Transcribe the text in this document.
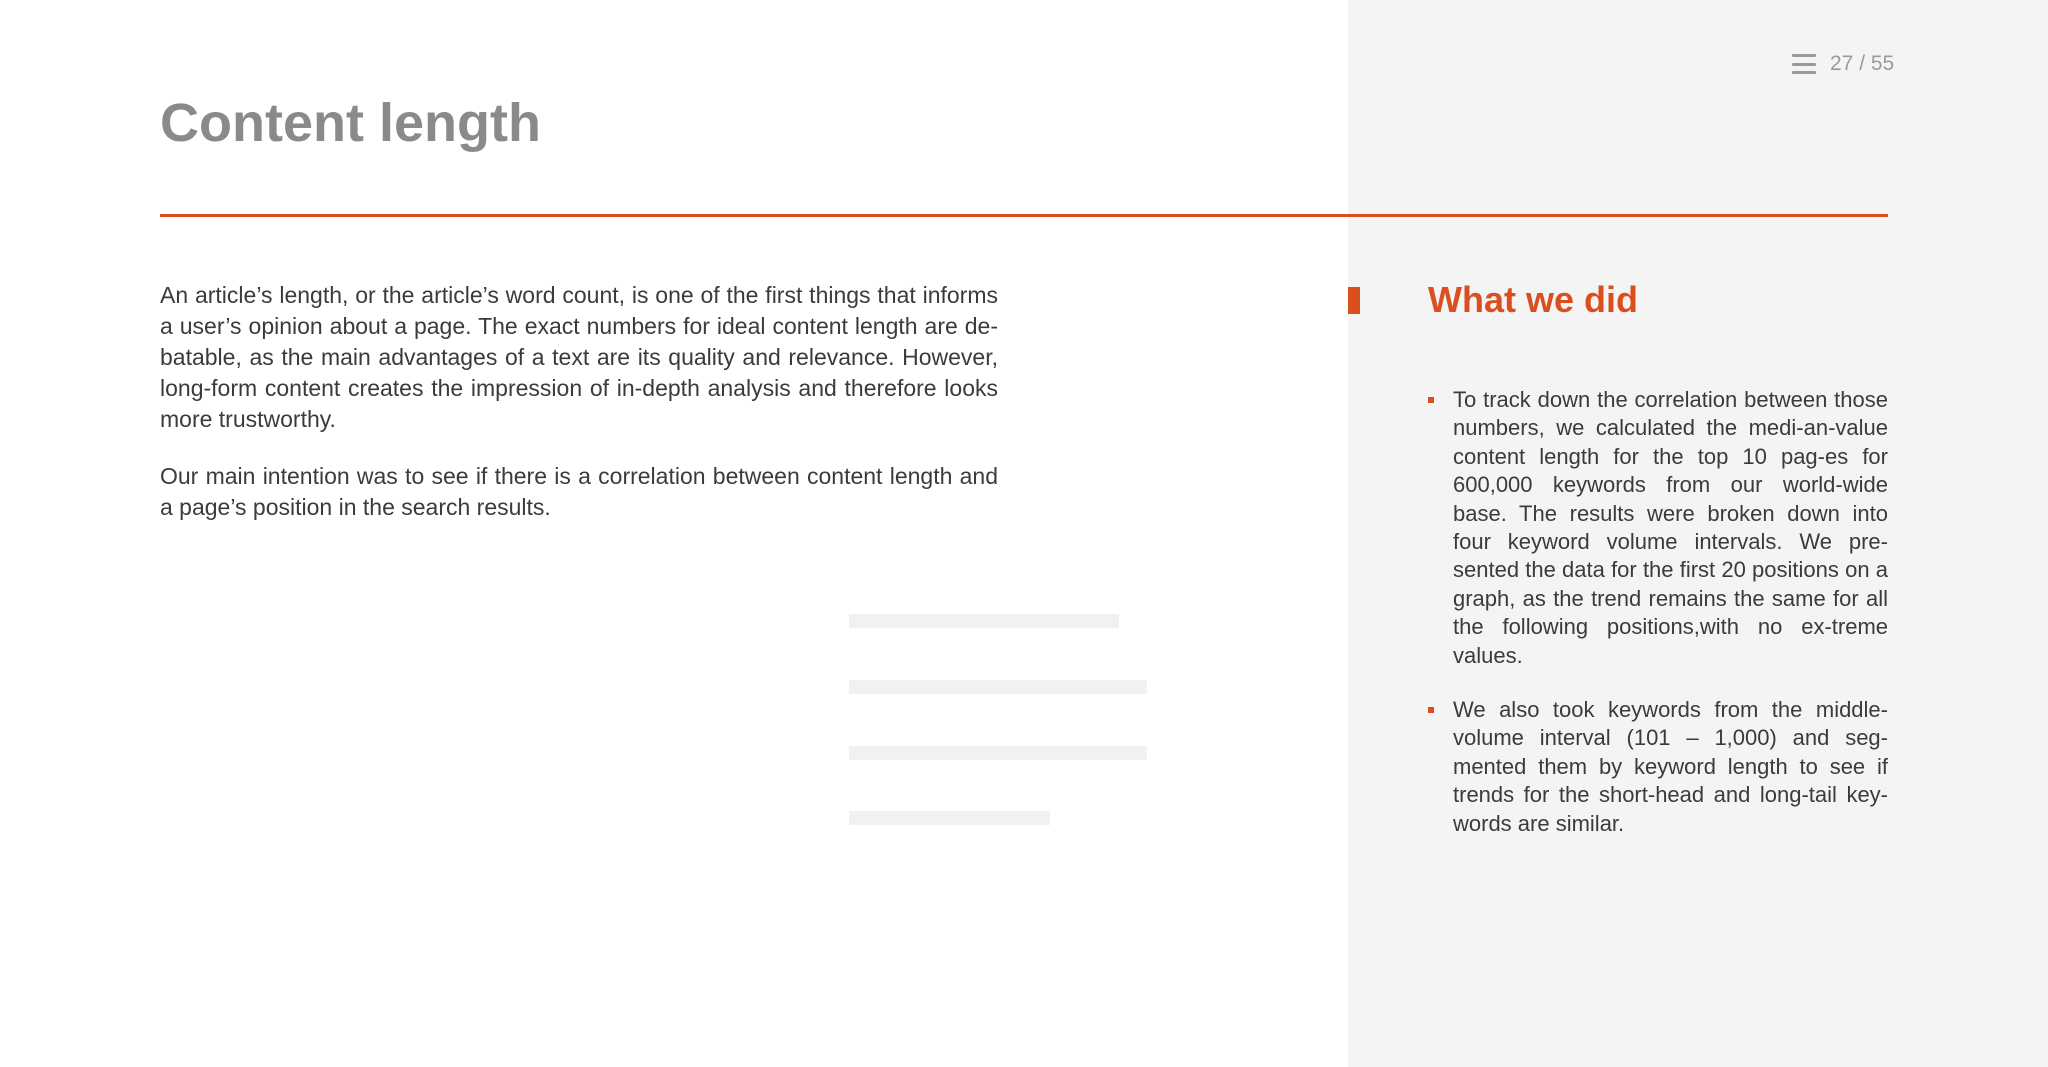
27 / 55
Content length

An article’s length, or the article’s word count, is one of the first things that informs a user’s opinion about a page. The exact numbers for ideal content length are de-batable, as the main advantages of a text are its quality and relevance. However, long-form content creates the impression of in-depth analysis and therefore looks more trustworthy.

Our main intention was to see if there is a correlation between content length and a page’s position in the search results.

What we did
To track down the correlation between those numbers, we calculated the medi-an-value content length for the top 10 pag-es for 600,000 keywords from our world-wide base. The results were broken down into four keyword volume intervals. We pre-sented the data for the first 20 positions on a graph, as the trend remains the same for all the following positions,with no ex-treme values.
We also took keywords from the middle-volume interval (101 – 1,000) and seg-mented them by keyword length to see if trends for the short-head and long-tail key-words are similar.
